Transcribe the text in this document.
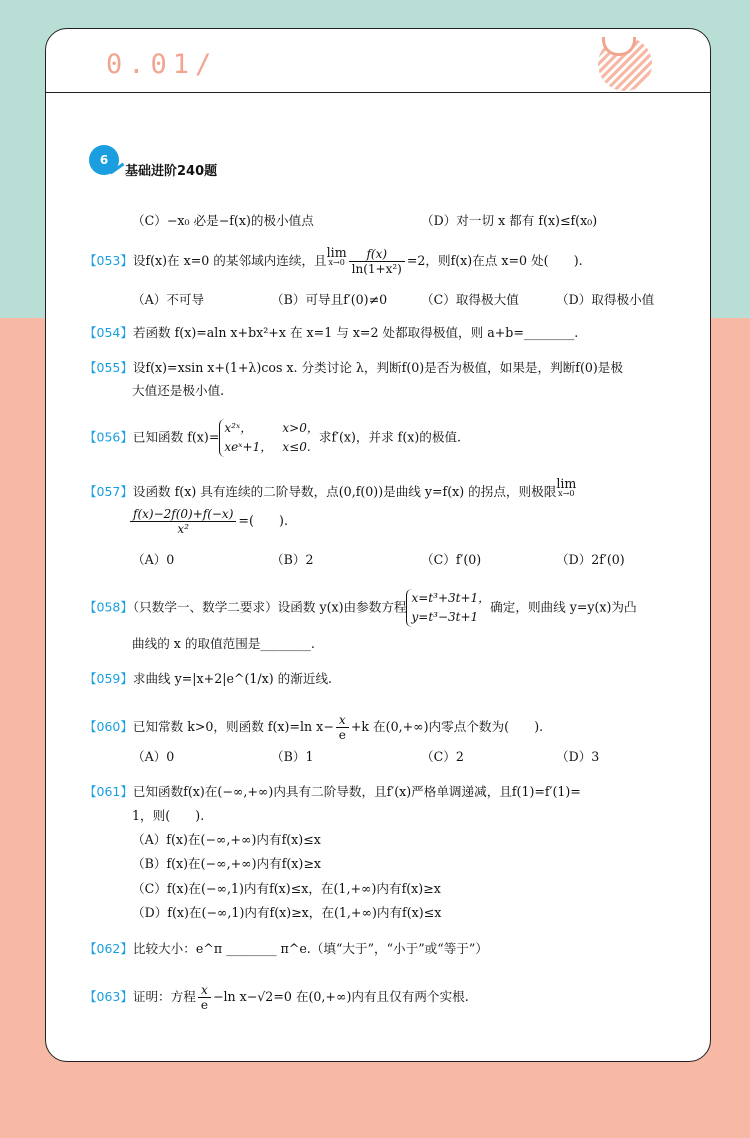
0.01/
6
基础进阶240题
（C）−x₀ 必是−f(x)的极小值点	（D）对一切 x 都有 f(x)≤f(x₀)
【053】设f(x)在 x=0 的某邻域内连续，且lim
$x\to 0 \frac{f(x)}{\text{ln(1+x²)}} =2$，则f(x)在点 x=0 处(　　).
（A）不可导	（B）可导且f′(0)≠0	（C）取得极大值	（D）取得极小值
【054】若函数 f(x)=aln x+bx²+x 在 x=1 与 x=2 处都取得极值，则 a+b=________.
【055】设f(x)=xsin x+(1+λ)cos x. 分类讨论 λ，判断f(0)是否为极值，如果是，判断f(0)是极
大值还是极小值.
【056】已知函数 f(x)=
x²ˣ，	x>0，
xeˣ+1， x≤0.
求f′(x)，并求 f(x)的极值.
【057】设函数 f(x) 具有连续的二阶导数，点(0,f(0))是曲线 y=f(x) 的拐点，则极限lim
x→0
$\frac{f(x)-2f(0)+f(-x)}{\text{x²}}$ =(　　).
（A）0	（B）2	（C）f′(0)	（D）2f′(0)
【058】（只数学一、数学二要求）设函数 y(x)由参数方程
x=t³+3t+1，
y=t³−3t+1
确定，则曲线 y=y(x)为凸
曲线的 x 的取值范围是________.
【059】求曲线 y=|x+2|e^(1/x) 的渐近线.
【060】已知常数 k>0，则函数 f(x)=ln $x- \frac{x}{e} +k$ 在(0,+∞)内零点个数为(　　).
（A）0	（B）1	（C）2	（D）3
【061】已知函数f(x)在(−∞,+∞)内具有二阶导数，且f′(x)严格单调递减，且f(1)=f′(1)=
1，则(　　).
（A）f(x)在(−∞,+∞)内有f(x)≤x
（B）f(x)在(−∞,+∞)内有f(x)≥x
（C）f(x)在(−∞,1)内有f(x)≤x，在(1,+∞)内有f(x)≥x
（D）f(x)在(−∞,1)内有f(x)≥x，在(1,+∞)内有f(x)≤x
【062】比较大小：e^π ________ π^e.（填“大于”，“小于”或“等于”）
【063】证明：方程 $\frac{x}{e} -\ln$ x−√2=0 在(0,+∞)内有且仅有两个实根.
